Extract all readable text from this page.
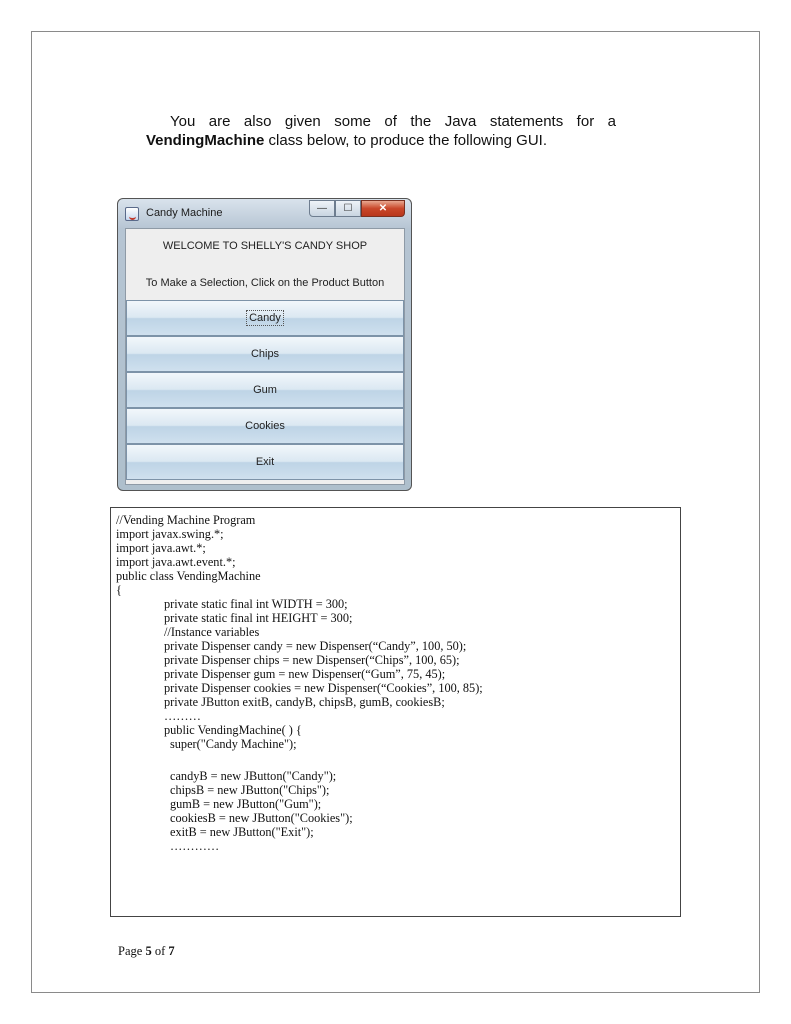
You are also given some of the Java statements for a
VendingMachine class below, to produce the following GUI.
Candy Machine	—	☐	✕
WELCOME TO SHELLY'S CANDY SHOP
To Make a Selection, Click on the Product Button
Candy
Chips
Gum
Cookies
Exit
//Vending Machine Program
import javax.swing.*;
import java.awt.*;
import java.awt.event.*;
public class VendingMachine
{
private static final int WIDTH = 300;
private static final int HEIGHT = 300;
//Instance variables
private Dispenser candy = new Dispenser(“Candy”, 100, 50);
private Dispenser chips = new Dispenser(“Chips”, 100, 65);
private Dispenser gum = new Dispenser(“Gum”, 75, 45);
private Dispenser cookies = new Dispenser(“Cookies”, 100, 85);
private JButton exitB, candyB, chipsB, gumB, cookiesB;
………
public VendingMachine( ) {
super("Candy Machine");
candyB = new JButton("Candy");
chipsB = new JButton("Chips");
gumB = new JButton("Gum");
cookiesB = new JButton("Cookies");
exitB = new JButton("Exit");
…………
Page 5 of 7
